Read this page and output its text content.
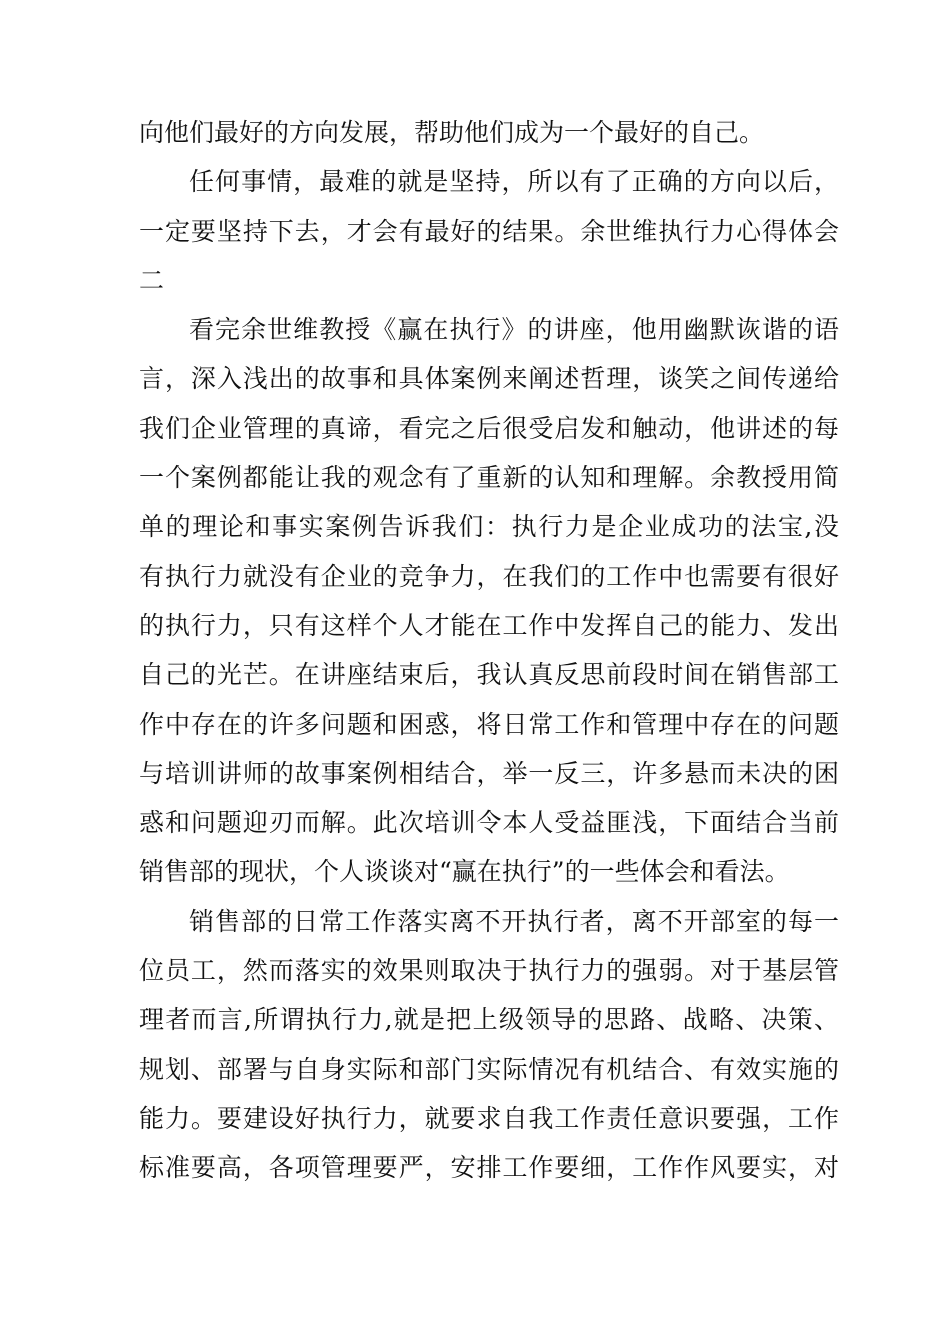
向他们最好的方向发展，帮助他们成为一个最好的自己。
任何事情，最难的就是坚持，所以有了正确的方向以后，
一定要坚持下去，才会有最好的结果。余世维执行力心得体会
二
看完余世维教授《赢在执行》的讲座，他用幽默诙谐的语
言，深入浅出的故事和具体案例来阐述哲理，谈笑之间传递给
我们企业管理的真谛，看完之后很受启发和触动，他讲述的每
一个案例都能让我的观念有了重新的认知和理解。余教授用简
单的理论和事实案例告诉我们：执行力是企业成功的法宝,没
有执行力就没有企业的竞争力，在我们的工作中也需要有很好
的执行力，只有这样个人才能在工作中发挥自己的能力、发出
自己的光芒。在讲座结束后，我认真反思前段时间在销售部工
作中存在的许多问题和困惑，将日常工作和管理中存在的问题
与培训讲师的故事案例相结合，举一反三，许多悬而未决的困
惑和问题迎刃而解。此次培训令本人受益匪浅，下面结合当前
销售部的现状，个人谈谈对“赢在执行”的一些体会和看法。
销售部的日常工作落实离不开执行者，离不开部室的每一
位员工，然而落实的效果则取决于执行力的强弱。对于基层管
理者而言,所谓执行力,就是把上级领导的思路、战略、决策、
规划、部署与自身实际和部门实际情况有机结合、有效实施的
能力。要建设好执行力，就要求自我工作责任意识要强，工作
标准要高，各项管理要严，安排工作要细，工作作风要实，对
